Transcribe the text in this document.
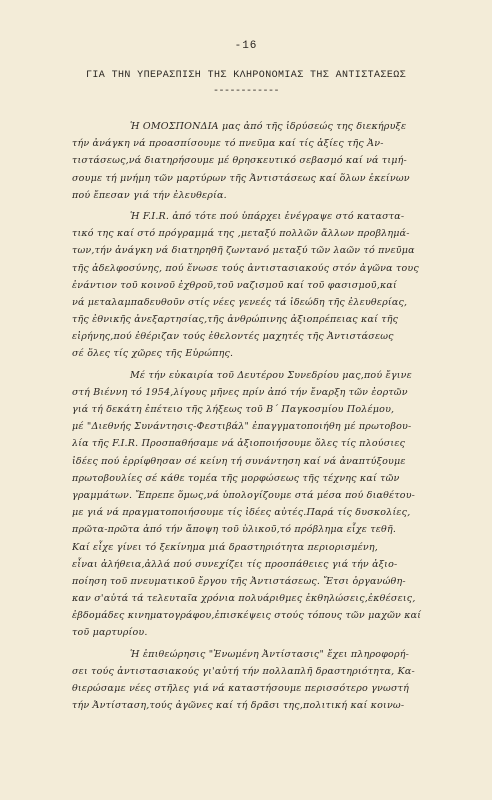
-16
ΓΙΑ ΤΗΝ ΥΠΕΡΑΣΠΙΣΗ ΤΗΣ ΚΛΗΡΟΝΟΜΙΑΣ ΤΗΣ ΑΝΤΙΣΤΑΣΕΩΣ
------------
Ἡ ΟΜΟΣΠΟΝΔΙΑ μας ἀπό τῆς ἱδρύσεώς της διεκήρυξε
τήν ἀνάγκη νά προασπίσουμε τό πνεῦμα καί τίς ἀξίες τῆς Ἀν-
τιστάσεως,νά διατηρήσουμε μέ θρησκευτικό σεβασμό καί νά τιμή-
σουμε τή μνήμη τῶν μαρτύρων τῆς Ἀντιστάσεως καί ὅλων ἐκείνων
πού ἔπεσαν γιά τήν ἐλευθερία.
Ἡ F.I.R. ἀπό τότε πού ὑπάρχει ἐνέγραψε στό καταστα-
τικό της καί στό πρόγραμμά της ,μεταξύ πολλῶν ἄλλων προβλημά-
των,τήν ἀνάγκη νά διατηρηθῆ ζωντανό μεταξύ τῶν λαῶν τό πνεῦμα
τῆς ἀδελφοσύνης, πού ἕνωσε τούς ἀντιστασιακούς στόν ἀγῶνα τους
ἐνάντιον τοῦ κοινοῦ ἐχθροῦ,τοῦ ναζισμοῦ καί τοῦ φασισμοῦ,καί
νά μεταλαμπαδευθοῦν στίς νέες γενεές τά ἰδεώδη τῆς ἐλευθερίας,
τῆς ἐθνικῆς ἀνεξαρτησίας,τῆς ἀνθρώπινης ἀξιοπρέπειας καί τῆς
εἰρήνης,πού ἐθέριζαν τούς ἐθελοντές μαχητές τῆς Ἀντιστάσεως
σέ ὅλες τίς χῶρες τῆς Εὐρώπης.
Μέ τήν εὐκαιρία τοῦ Δευτέρου Συνεδρίου μας,πού ἔγινε
στή Βιέννη τό 1954,λίγους μῆνες πρίν ἀπό τήν ἔναρξη τῶν ἑορτῶν
γιά τή δεκάτη ἐπέτειο τῆς λήξεως τοῦ Β΄ Παγκοσμίου Πολέμου,
μέ "Διεθνής Συνάντησις-Φεστιβάλ" ἐπαγγματοποιήθη μέ πρωτοβου-
λία τῆς F.I.R. Προσπαθήσαμε νά ἀξιοποιήσουμε ὅλες τίς πλούσιες
ἰδέες πού ἐρρίφθησαν σέ κείνη τή συνάντηση καί νά ἀναπτύξουμε
πρωτοβουλίες σέ κάθε τομέα τῆς μορφώσεως τῆς τέχνης καί τῶν
γραμμάτων. Ἔπρεπε ὅμως,νά ὑπολογίζουμε στά μέσα πού διαθέτου-
με γιά νά πραγματοποιήσουμε τίς ἰδέες αὐτές.Παρά τίς δυσκολίες,
πρῶτα-πρῶτα ἀπό τήν ἄποψη τοῦ ὑλικοῦ,τό πρόβλημα εἶχε τεθῆ.
Καί εἶχε γίνει τό ξεκίνημα μιά δραστηριότητα περιορισμένη,
εἶναι ἀλήθεια,ἀλλά πού συνεχίζει τίς προσπάθειες γιά τήν ἀξιο-
ποίηση τοῦ πνευματικοῦ ἔργου τῆς Ἀντιστάσεως. Ἔτσι ὀργανώθη-
καν σ'αὐτά τά τελευταῖα χρόνια πολυάριθμες ἐκθηλώσεις,ἐκθέσεις,
ἐβδομάδες κινηματογράφου,ἐπισκέψεις στούς τόπους τῶν μαχῶν καί
τοῦ μαρτυρίου.
Ἡ ἐπιθεώρησις "Ἑνωμένη Ἀντίστασις" ἔχει πληροφορή-
σει τούς ἀντιστασιακούς γι'αὐτή τήν πολλαπλῆ δραστηριότητα, Κα-
θιερώσαμε νέες στῆλες γιά νά καταστήσουμε περισσότερο γνωστή
τήν Ἀντίσταση,τούς ἀγῶνες καί τή δρᾶσι της,πολιτική καί κοινω-
